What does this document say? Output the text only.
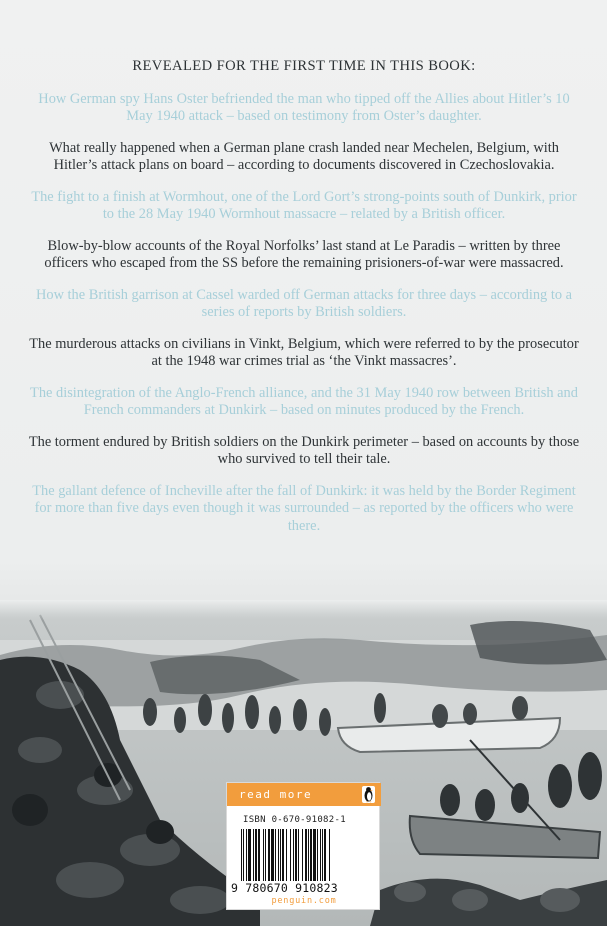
REVEALED FOR THE FIRST TIME IN THIS BOOK:

How German spy Hans Oster befriended the man who tipped off the Allies about Hitler’s 10 May 1940 attack – based on testimony from Oster’s daughter.

What really happened when a German plane crash landed near Mechelen, Belgium, with Hitler’s attack plans on board – according to documents discovered in Czechoslovakia.

The fight to a finish at Wormhout, one of the Lord Gort’s strong-points south of Dunkirk, prior to the 28 May 1940 Wormhout massacre – related by a British officer.

Blow-by-blow accounts of the Royal Norfolks’ last stand at Le Paradis – written by three officers who escaped from the SS before the remaining prisioners-of-war were massacred.

How the British garrison at Cassel warded off German attacks for three days – according to a series of reports by British soldiers.

The murderous attacks on civilians in Vinkt, Belgium, which were referred to by the prosecutor at the 1948 war crimes trial as ‘the Vinkt massacres’.

The disintegration of the Anglo-French alliance, and the 31 May 1940 row between British and French commanders at Dunkirk – based on minutes produced by the French.

The torment endured by British soldiers on the Dunkirk perimeter – based on accounts by those who survived to tell their tale.

The gallant defence of Incheville after the fall of Dunkirk: it was held by the Border Regiment for more than five days even though it was surrounded – as reported by the officers who were there.

read more
ISBN 0-670-91082-1
9 780670 910823
penguin.com
